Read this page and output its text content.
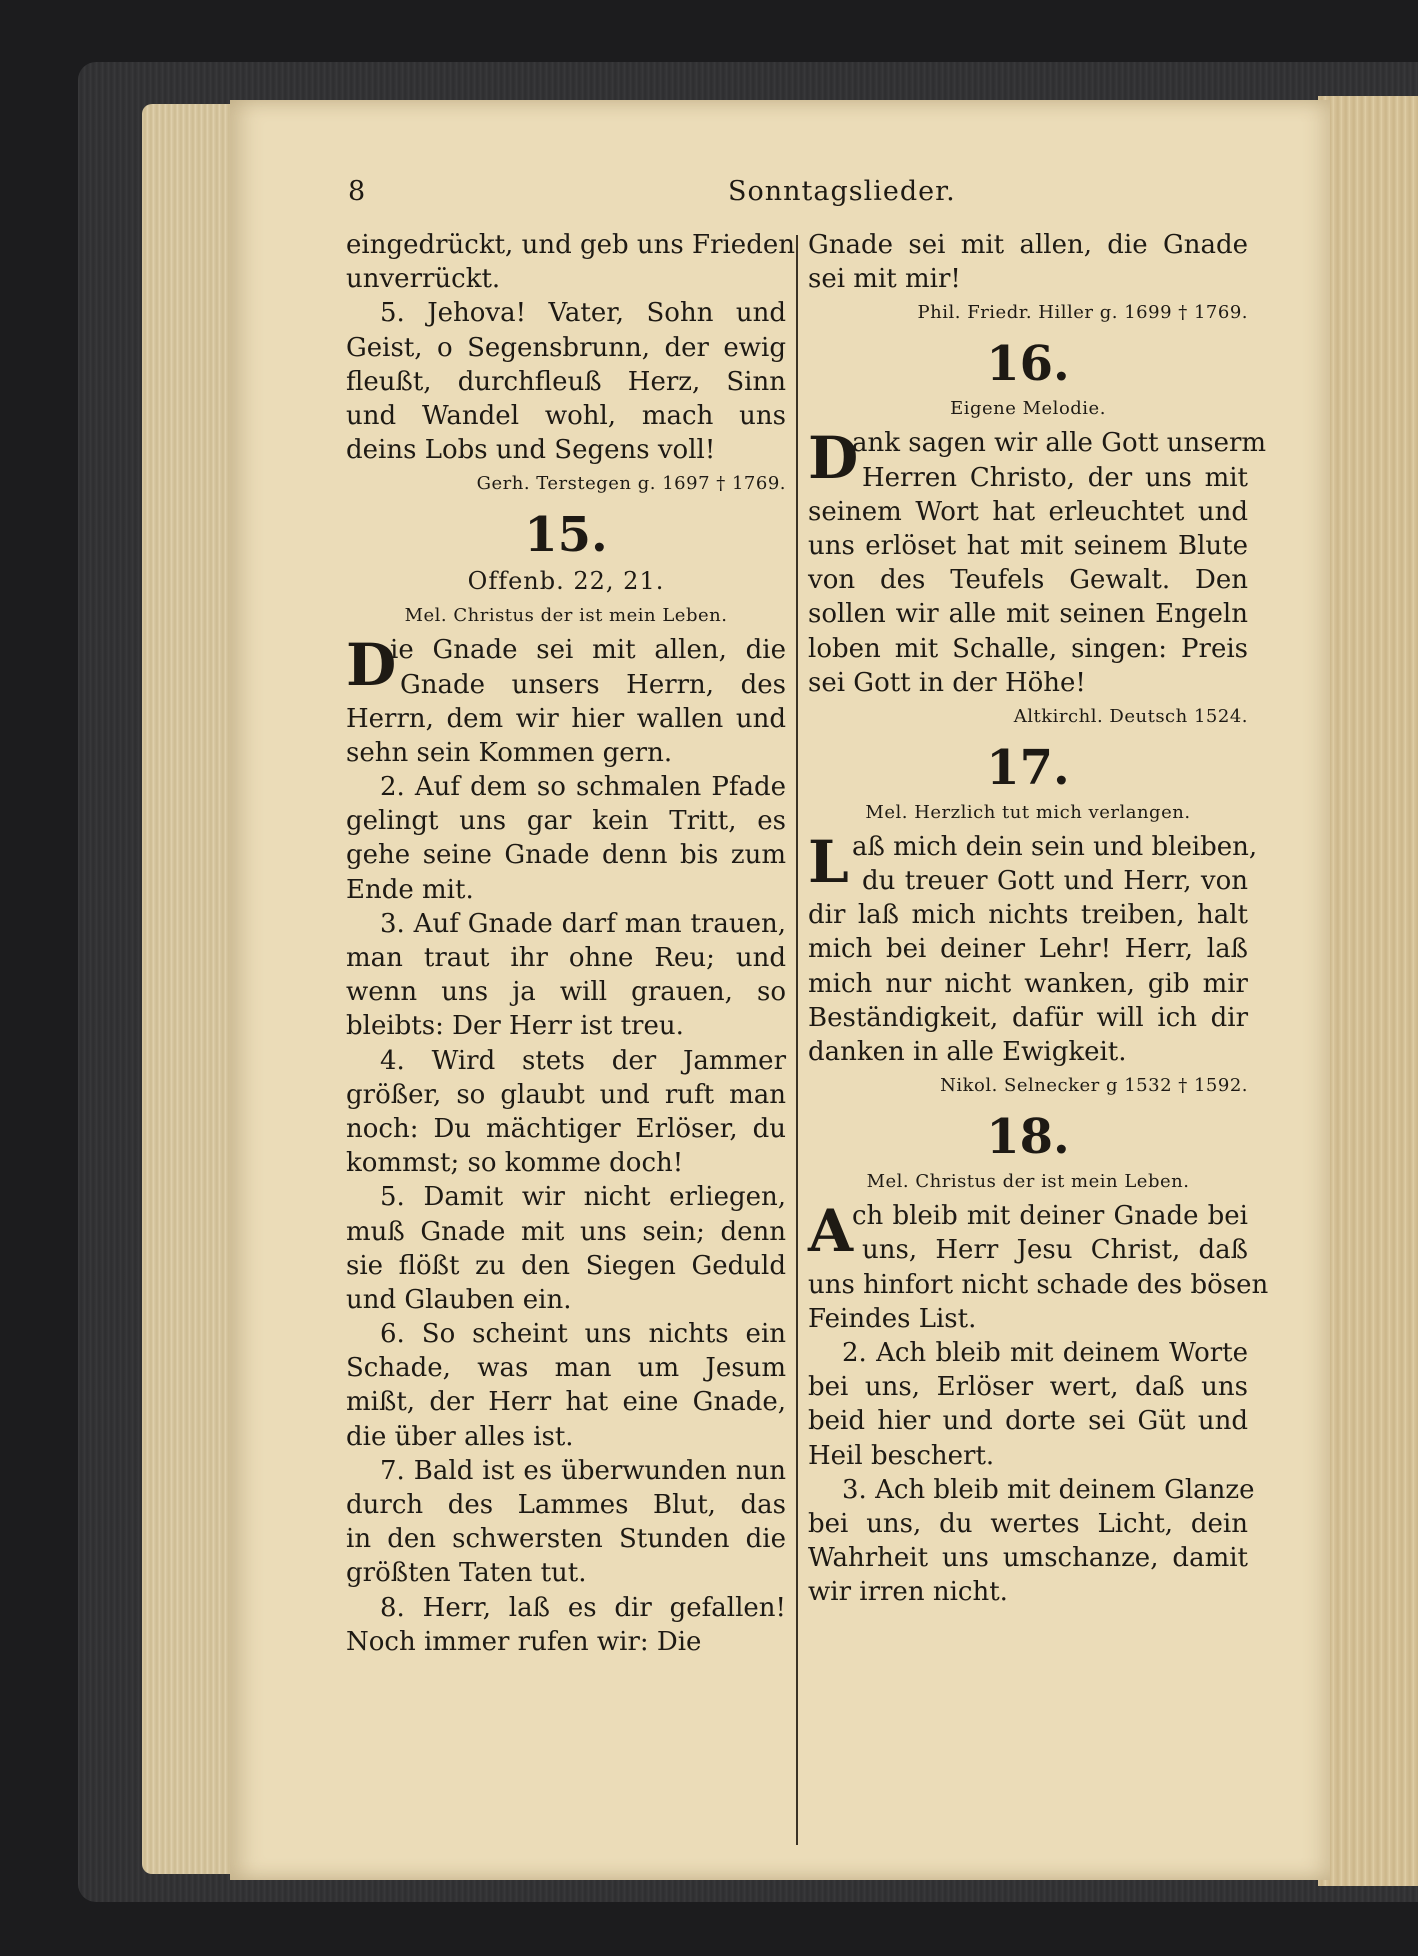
8	Sonntagslieder.
eingedrückt, und geb uns Frieden
unverrückt.
5. Jehova! Vater, Sohn und
Geist, o Segensbrunn, der ewig
fleußt, durchfleuß Herz, Sinn
und Wandel wohl, mach uns
deins Lobs und Segens voll!
Gerh. Terstegen g. 1697 † 1769.
15.
Offenb. 22, 21.
Mel. Christus der ist mein Leben.
D
ie Gnade sei mit allen, die
Gnade unsers Herrn, des
Herrn, dem wir hier wallen und
sehn sein Kommen gern.
2. Auf dem so schmalen Pfade
gelingt uns gar kein Tritt, es
gehe seine Gnade denn bis zum
Ende mit.
3. Auf Gnade darf man trauen,
man traut ihr ohne Reu; und
wenn uns ja will grauen, so
bleibts: Der Herr ist treu.
4. Wird stets der Jammer
größer, so glaubt und ruft man
noch: Du mächtiger Erlöser, du
kommst; so komme doch!
5. Damit wir nicht erliegen,
muß Gnade mit uns sein; denn
sie flößt zu den Siegen Geduld
und Glauben ein.
6. So scheint uns nichts ein
Schade, was man um Jesum
mißt, der Herr hat eine Gnade,
die über alles ist.
7. Bald ist es überwunden nun
durch des Lammes Blut, das
in den schwersten Stunden die
größten Taten tut.
8. Herr, laß es dir gefallen!
Noch immer rufen wir: Die
Gnade sei mit allen, die Gnade
sei mit mir!
Phil. Friedr. Hiller g. 1699 † 1769.
16.
Eigene Melodie.
D
ank sagen wir alle Gott unserm
Herren Christo, der uns mit
seinem Wort hat erleuchtet und
uns erlöset hat mit seinem Blute
von des Teufels Gewalt. Den
sollen wir alle mit seinen Engeln
loben mit Schalle, singen: Preis
sei Gott in der Höhe!
Altkirchl. Deutsch 1524.
17.
Mel. Herzlich tut mich verlangen.
L aß mich dein sein und bleiben,
du treuer Gott und Herr, von
dir laß mich nichts treiben, halt
mich bei deiner Lehr! Herr, laß
mich nur nicht wanken, gib mir
Beständigkeit, dafür will ich dir
danken in alle Ewigkeit.
Nikol. Selnecker g 1532 † 1592.
18.
Mel. Christus der ist mein Leben.
A
ch bleib mit deiner Gnade bei
uns, Herr Jesu Christ, daß
uns hinfort nicht schade des bösen
Feindes List.
2. Ach bleib mit deinem Worte
bei uns, Erlöser wert, daß uns
beid hier und dorte sei Güt und
Heil beschert.
3. Ach bleib mit deinem Glanze
bei uns, du wertes Licht, dein
Wahrheit uns umschanze, damit
wir irren nicht.
